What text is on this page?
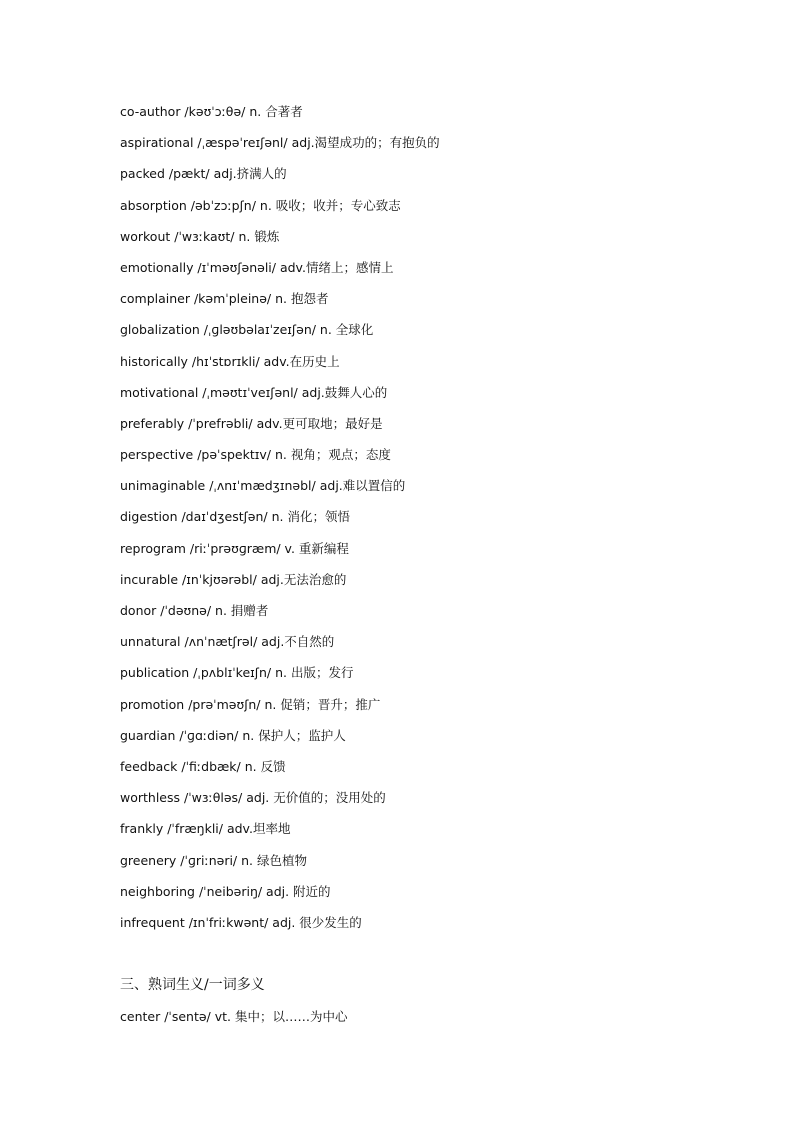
co-author /kəʊˈɔːθə/ n. 合著者
aspirational /ˌæspəˈreɪʃənl/ adj.渴望成功的；有抱负的
packed /pækt/ adj.挤满人的
absorption /əbˈzɔːpʃn/ n. 吸收；收并；专心致志
workout /ˈwɜːkaʊt/ n. 锻炼
emotionally /ɪˈməʊʃənəli/ adv.情绪上；感情上
complainer /kəmˈpleinə/ n. 抱怨者
globalization /ˌɡləʊbəlaɪˈzeɪʃən/ n. 全球化
historically /hɪˈstɒrɪkli/ adv.在历史上
motivational /ˌməʊtɪˈveɪʃənl/ adj.鼓舞人心的
preferably /ˈprefrəbli/ adv.更可取地；最好是
perspective /pəˈspektɪv/ n. 视角；观点；态度
unimaginable /ˌʌnɪˈmædʒɪnəbl/ adj.难以置信的
digestion /daɪˈdʒestʃən/ n. 消化；领悟
reprogram /riːˈprəʊɡræm/ v. 重新编程
incurable /ɪnˈkjʊərəbl/ adj.无法治愈的
donor /ˈdəʊnə/ n. 捐赠者
unnatural /ʌnˈnætʃrəl/ adj.不自然的
publication /ˌpʌblɪˈkeɪʃn/ n. 出版；发行
promotion /prəˈməʊʃn/ n. 促销；晋升；推广
guardian /ˈɡɑːdiən/ n. 保护人；监护人
feedback /ˈfiːdbæk/ n. 反馈
worthless /ˈwɜːθləs/ adj. 无价值的；没用处的
frankly /ˈfræŋkli/ adv.坦率地
greenery /ˈɡriːnəri/ n. 绿色植物
neighboring /ˈneibəriŋ/ adj. 附近的
infrequent /ɪnˈfriːkwənt/ adj. 很少发生的
三、熟词生义/一词多义
center /ˈsentə/ vt. 集中；以……为中心
